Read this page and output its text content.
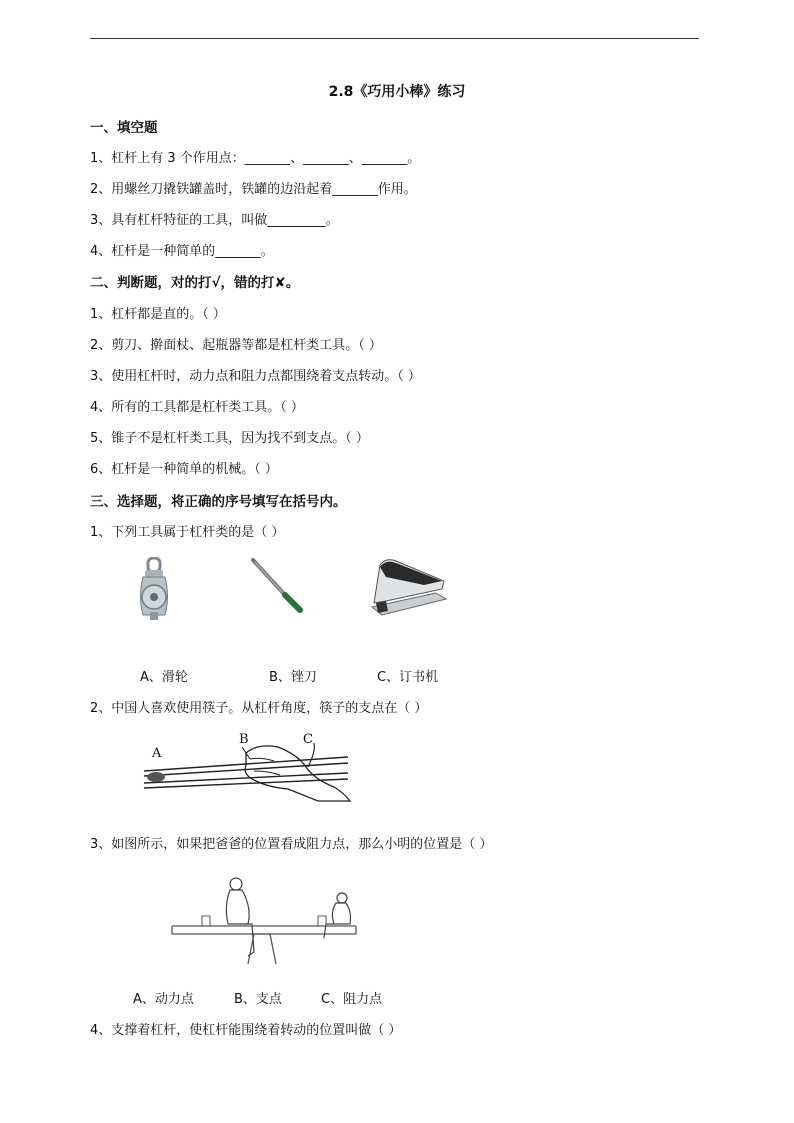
2.8《巧用小棒》练习
一、填空题
1、杠杆上有 3 个作用点：_______、_______、_______。
2、用螺丝刀撬铁罐盖时，铁罐的边沿起着_______作用。
3、具有杠杆特征的工具，叫做_________。
4、杠杆是一种简单的_______。
二、判断题，对的打√，错的打✘。
1、杠杆都是直的。（ ）
2、剪刀、擀面杖、起瓶器等都是杠杆类工具。（ ）
3、使用杠杆时，动力点和阻力点都围绕着支点转动。（ ）
4、所有的工具都是杠杆类工具。（ ）
5、锥子不是杠杆类工具，因为找不到支点。（ ）
6、杠杆是一种简单的机械。（ ）
三、选择题，将正确的序号填写在括号内。
1、下列工具属于杠杆类的是（ ）
A、滑轮	B、锉刀	C、订书机
2、中国人喜欢使用筷子。从杠杆角度，筷子的支点在（ ）
A
B	C
3、如图所示，如果把爸爸的位置看成阻力点，那么小明的位置是（ ）
A、动力点	B、支点	C、阻力点
4、支撑着杠杆，使杠杆能围绕着转动的位置叫做（ ）
